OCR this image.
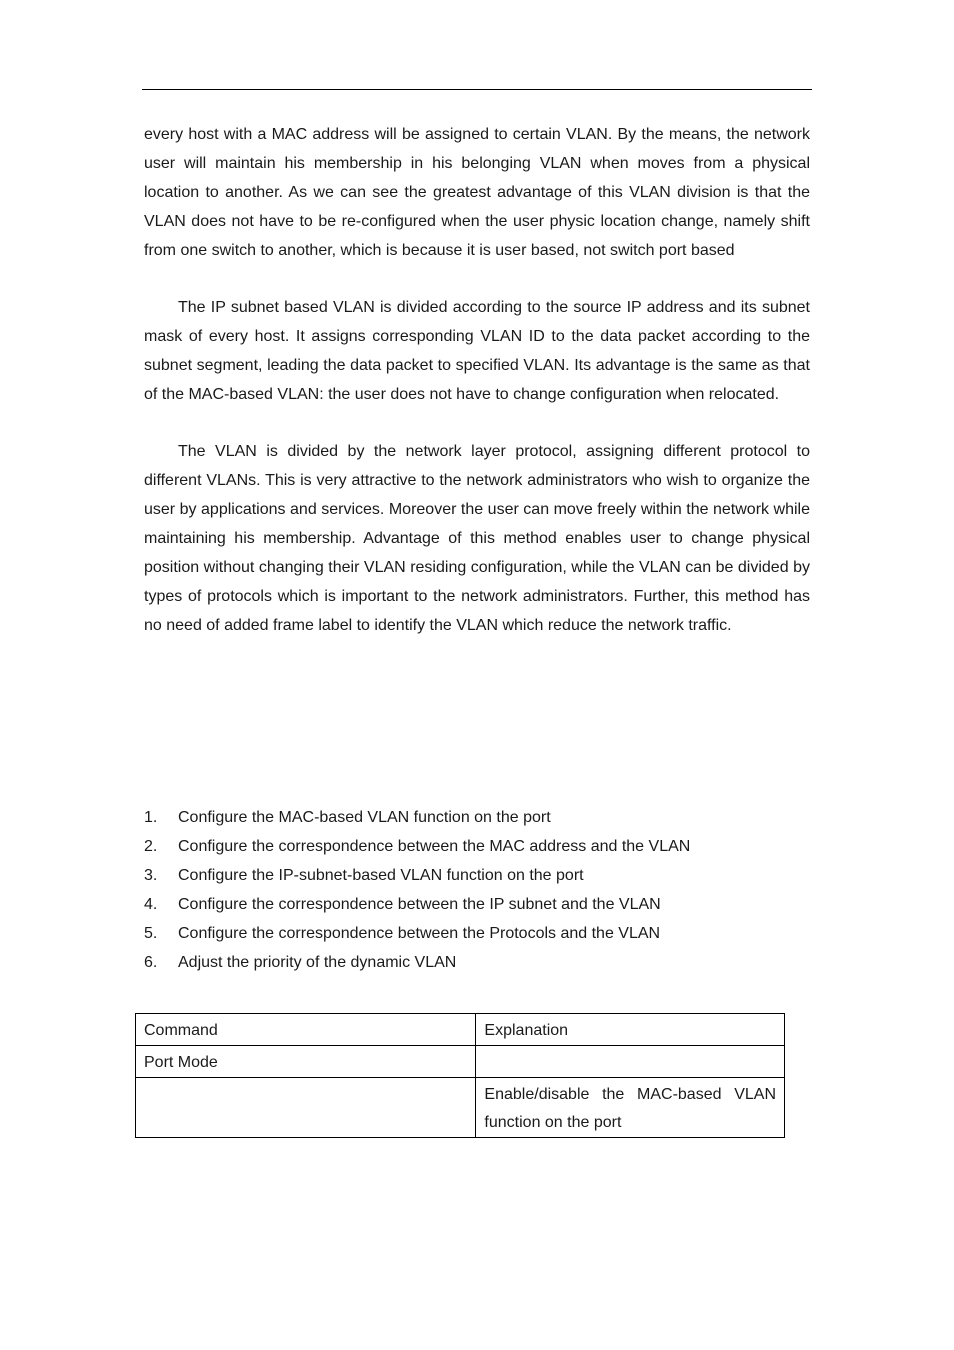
every host with a MAC address will be assigned to certain VLAN. By the means, the network user will maintain his membership in his belonging VLAN when moves from a physical location to another. As we can see the greatest advantage of this VLAN division is that the VLAN does not have to be re-configured when the user physic location change, namely shift from one switch to another, which is because it is user based, not switch port based

The IP subnet based VLAN is divided according to the source IP address and its subnet mask of every host. It assigns corresponding VLAN ID to the data packet according to the subnet segment, leading the data packet to specified VLAN. Its advantage is the same as that of the MAC-based VLAN: the user does not have to change configuration when relocated.

The VLAN is divided by the network layer protocol, assigning different protocol to different VLANs. This is very attractive to the network administrators who wish to organize the user by applications and services. Moreover the user can move freely within the network while maintaining his membership. Advantage of this method enables user to change physical position without changing their VLAN residing configuration, while the VLAN can be divided by types of protocols which is important to the network administrators. Further, this method has no need of added frame label to identify the VLAN which reduce the network traffic.

1. Configure the MAC-based VLAN function on the port
2. Configure the correspondence between the MAC address and the VLAN
3. Configure the IP-subnet-based VLAN function on the port
4. Configure the correspondence between the IP subnet and the VLAN
5. Configure the correspondence between the Protocols and the VLAN
6. Adjust the priority of the dynamic VLAN
Command	Explanation
Port Mode	
	Enable/disable the MAC-based VLAN function on the port
